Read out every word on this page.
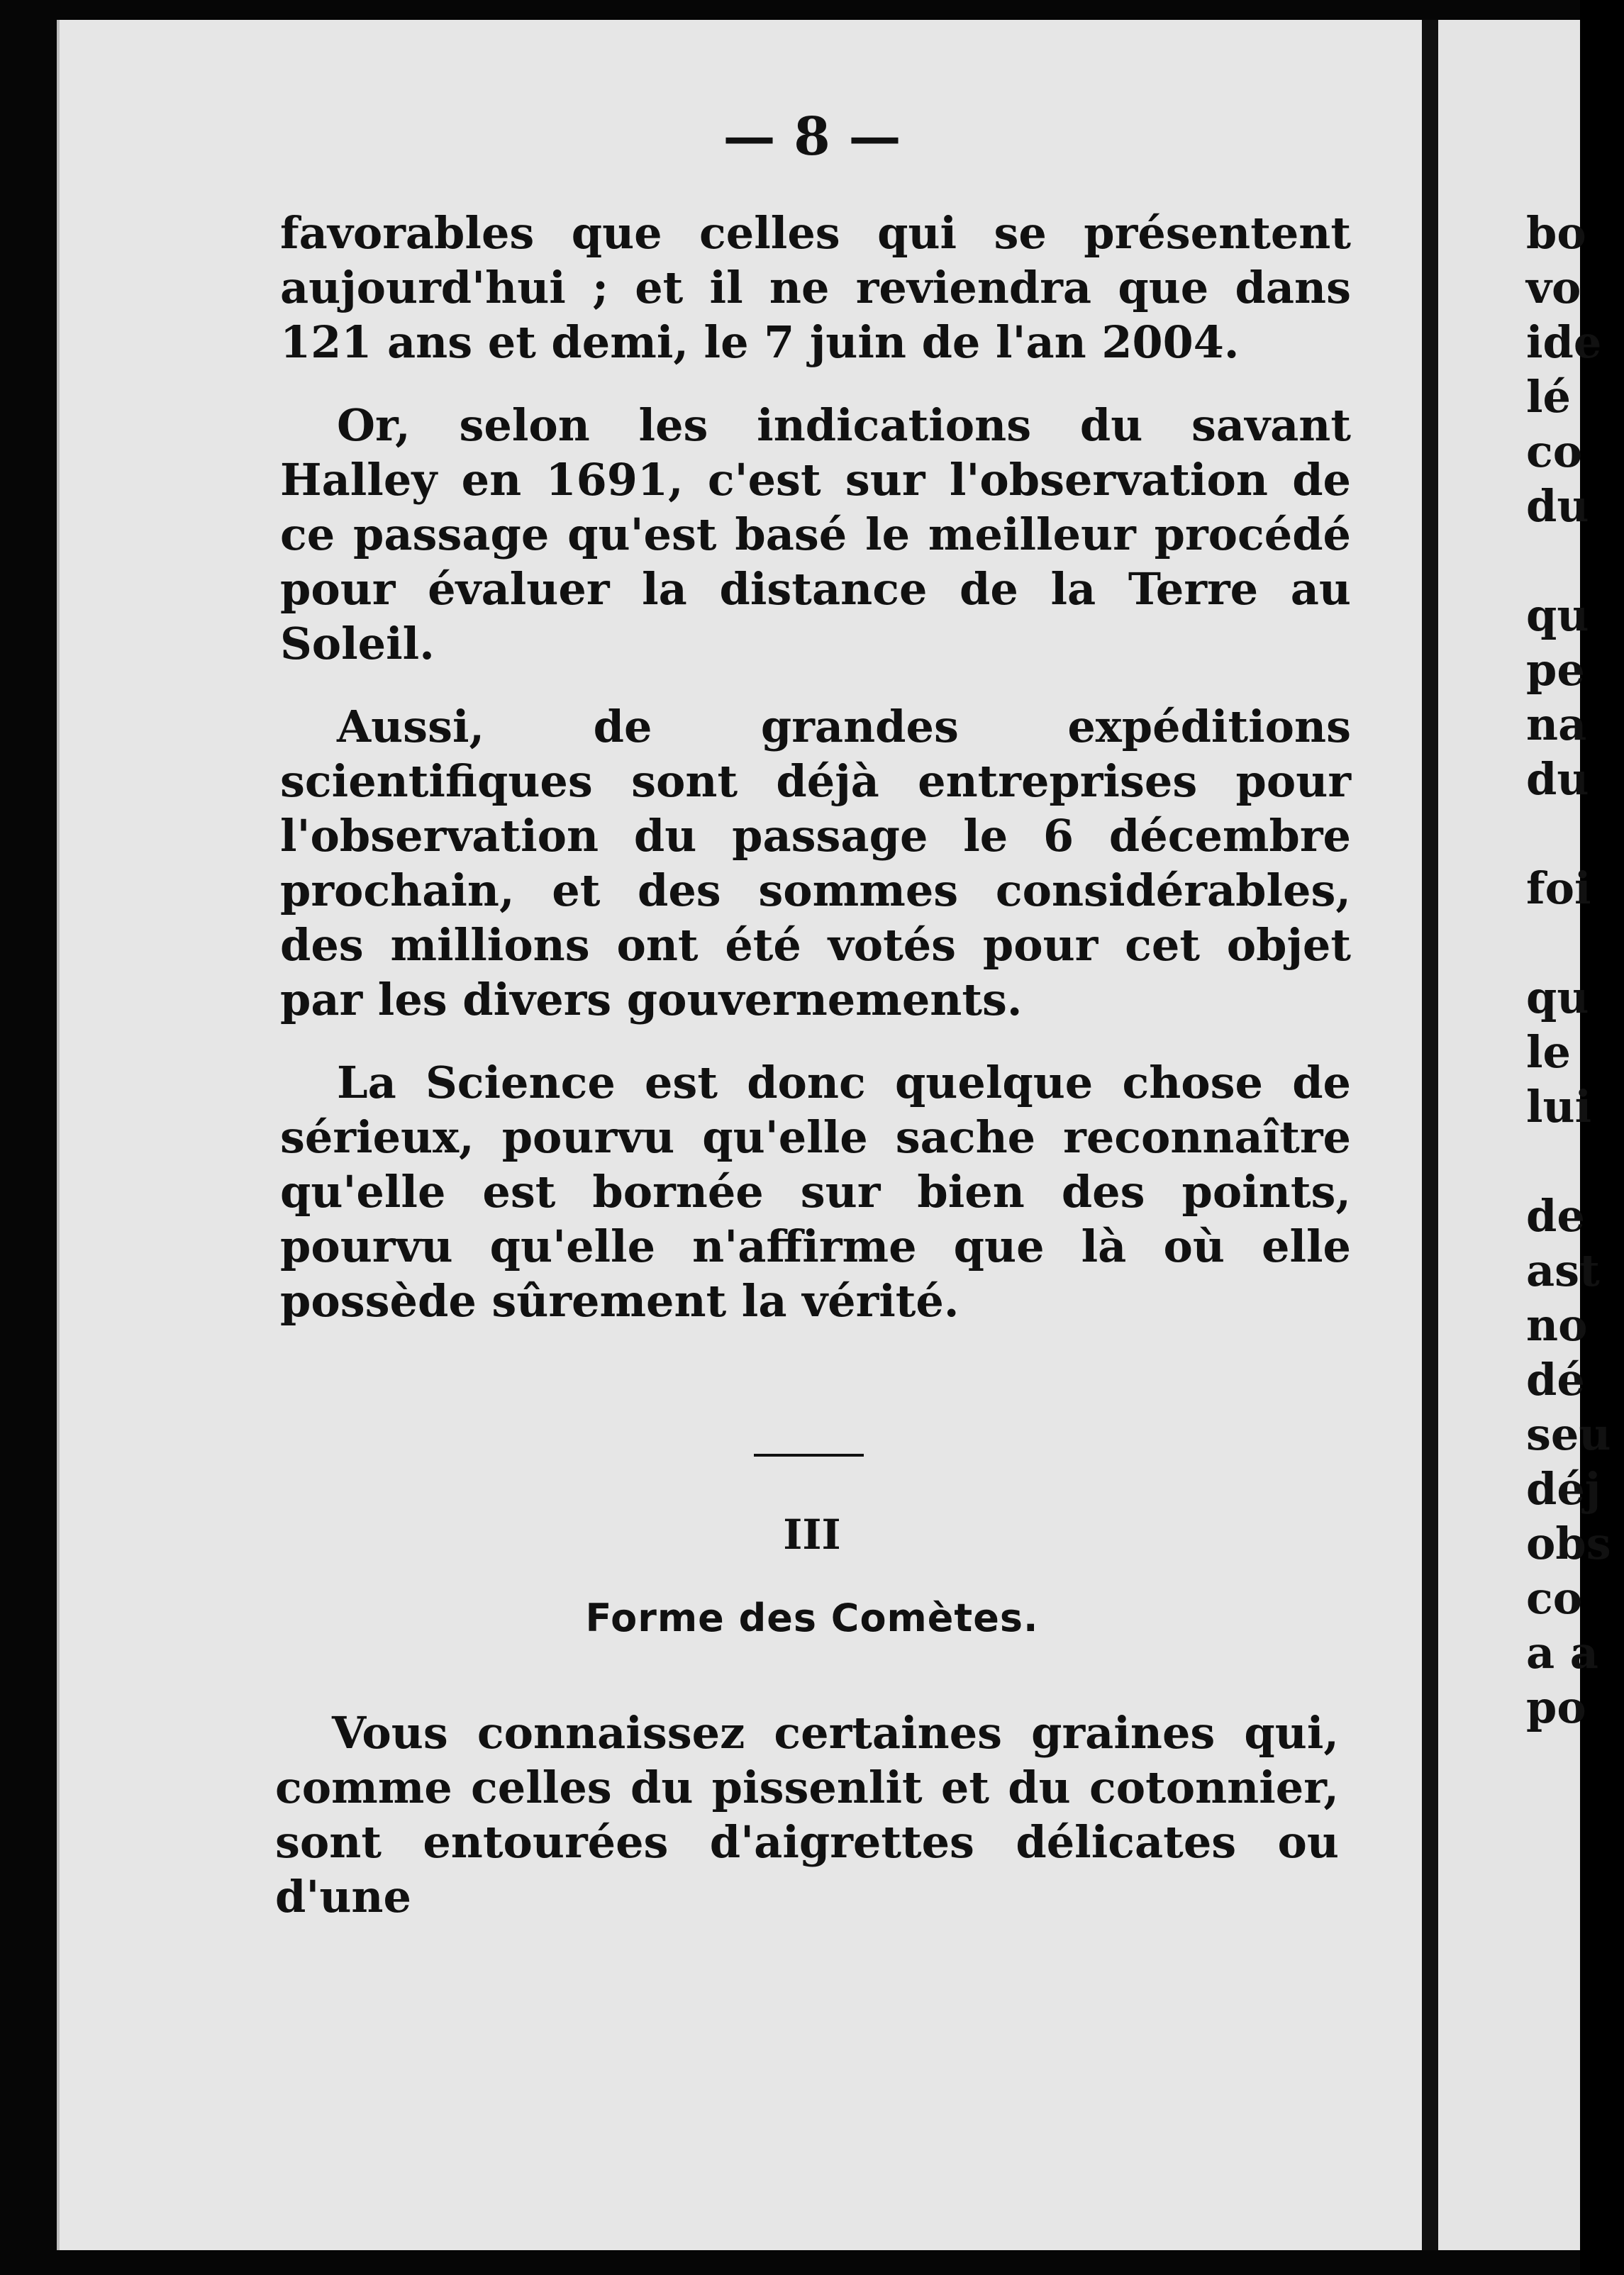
— 8 —

favorables que celles qui se présentent aujourd'hui ; et il ne reviendra que dans 121 ans et demi, le 7 juin de l'an 2004.

Or, selon les indications du savant Halley en 1691, c'est sur l'observation de ce passage qu'est basé le meilleur procédé pour évaluer la distance de la Terre au Soleil.

Aussi, de grandes expéditions scientifiques sont déjà entreprises pour l'observation du passage le 6 décembre prochain, et des sommes considérables, des millions ont été votés pour cet objet par les divers gouvernements.

La Science est donc quelque chose de sérieux, pourvu qu'elle sache reconnaître qu'elle est bornée sur bien des points, pourvu qu'elle n'affirme que là où elle possède sûrement la vérité.

III
Forme des Comètes.

Vous connaissez certaines graines qui, comme celles du pissenlit et du cotonnier, sont entourées d'aigrettes délicates ou d'une

bo
vo
ide
lé
co
du
qu
pe
na
du
foi
qu
le
lui
de
ast
no
dé
seu
déj
obs
co
a a
po
